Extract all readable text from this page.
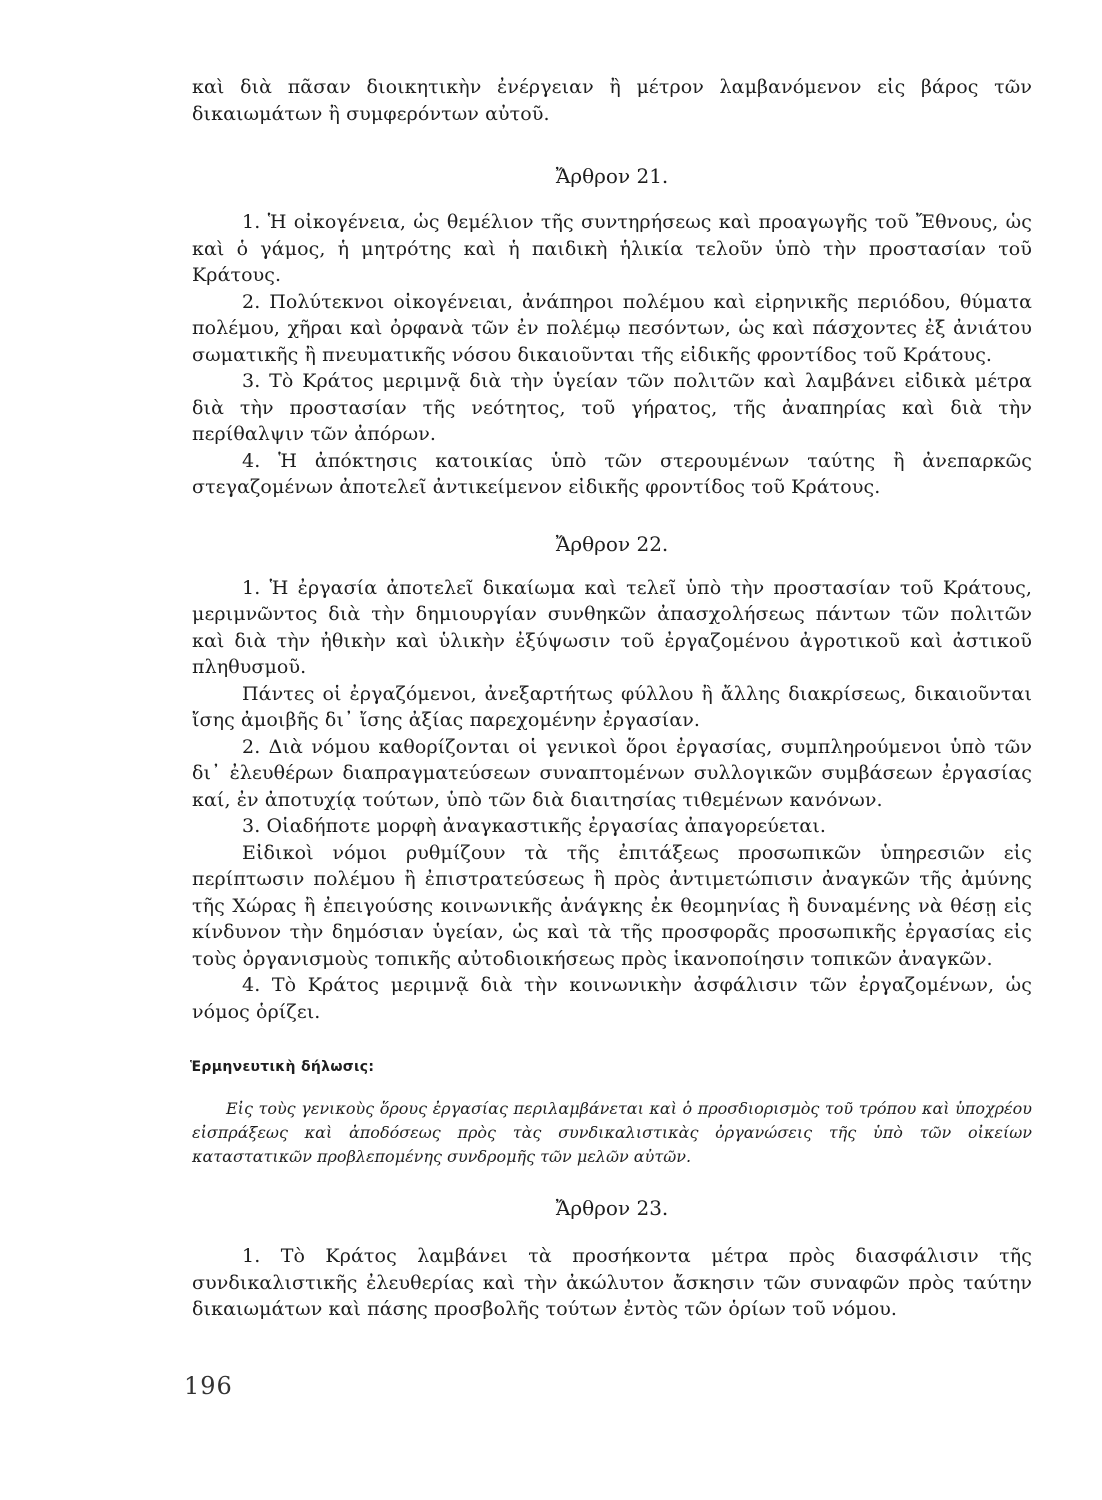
καὶ διὰ πᾶσαν διοικητικὴν ἐνέργειαν ἢ μέτρον λαμβανόμενον εἰς βάρος τῶν δικαιωμάτων ἢ συμφερόντων αὐτοῦ.

Ἄρθρον 21.

1. Ἡ οἰκογένεια, ὡς θεμέλιον τῆς συντηρήσεως καὶ προαγωγῆς τοῦ Ἔθνους, ὡς καὶ ὁ γάμος, ἡ μητρότης καὶ ἡ παιδικὴ ἡλικία τελοῦν ὑπὸ τὴν προστασίαν τοῦ Κράτους.

2. Πολύτεκνοι οἰκογένειαι, ἀνάπηροι πολέμου καὶ εἰρηνικῆς περιόδου, θύματα πολέμου, χῆραι καὶ ὀρφανὰ τῶν ἐν πολέμῳ πεσόντων, ὡς καὶ πάσχοντες ἐξ ἀνιάτου σωματικῆς ἢ πνευματικῆς νόσου δικαιοῦνται τῆς εἰδικῆς φροντίδος τοῦ Κράτους.

3. Τὸ Κράτος μεριμνᾷ διὰ τὴν ὑγείαν τῶν πολιτῶν καὶ λαμβάνει εἰδικὰ μέτρα διὰ τὴν προστασίαν τῆς νεότητος, τοῦ γήρατος, τῆς ἀναπηρίας καὶ διὰ τὴν περίθαλψιν τῶν ἀπόρων.

4. Ἡ ἀπόκτησις κατοικίας ὑπὸ τῶν στερουμένων ταύτης ἢ ἀνεπαρκῶς στεγαζομένων ἀποτελεῖ ἀντικείμενον εἰδικῆς φροντίδος τοῦ Κράτους.

Ἄρθρον 22.

1. Ἡ ἐργασία ἀποτελεῖ δικαίωμα καὶ τελεῖ ὑπὸ τὴν προστασίαν τοῦ Κράτους, μεριμνῶντος διὰ τὴν δημιουργίαν συνθηκῶν ἀπασχολήσεως πάντων τῶν πολιτῶν καὶ διὰ τὴν ἠθικὴν καὶ ὑλικὴν ἐξύψωσιν τοῦ ἐργαζομένου ἀγροτικοῦ καὶ ἀστικοῦ πληθυσμοῦ.

Πάντες οἱ ἐργαζόμενοι, ἀνεξαρτήτως φύλλου ἢ ἄλλης διακρίσεως, δικαιοῦνται ἴσης ἀμοιβῆς δι᾿ ἴσης ἀξίας παρεχομένην ἐργασίαν.

2. Διὰ νόμου καθορίζονται οἱ γενικοὶ ὅροι ἐργασίας, συμπληρούμενοι ὑπὸ τῶν δι᾿ ἐλευθέρων διαπραγματεύσεων συναπτομένων συλλογικῶν συμβάσεων ἐργασίας καί, ἐν ἀποτυχίᾳ τούτων, ὑπὸ τῶν διὰ διαιτησίας τιθεμένων κανόνων.

3. Οἱαδήποτε μορφὴ ἀναγκαστικῆς ἐργασίας ἀπαγορεύεται.

Εἰδικοὶ νόμοι ρυθμίζουν τὰ τῆς ἐπιτάξεως προσωπικῶν ὑπηρεσιῶν εἰς περίπτωσιν πολέμου ἢ ἐπιστρατεύσεως ἢ πρὸς ἀντιμετώπισιν ἀναγκῶν τῆς ἀμύνης τῆς Χώρας ἢ ἐπειγούσης κοινωνικῆς ἀνάγκης ἐκ θεομηνίας ἢ δυναμένης νὰ θέσῃ εἰς κίνδυνον τὴν δημόσιαν ὑγείαν, ὡς καὶ τὰ τῆς προσφορᾶς προσωπικῆς ἐργασίας εἰς τοὺς ὀργανισμοὺς τοπικῆς αὐτοδιοικήσεως πρὸς ἱκανοποίησιν τοπικῶν ἀναγκῶν.

4. Τὸ Κράτος μεριμνᾷ διὰ τὴν κοινωνικὴν ἀσφάλισιν τῶν ἐργαζομένων, ὡς νόμος ὁρίζει.

Ἑρμηνευτικὴ δήλωσις:

Εἰς τοὺς γενικοὺς ὅρους ἐργασίας περιλαμβάνεται καὶ ὁ προσδιορισμὸς τοῦ τρόπου καὶ ὑποχρέου εἰσπράξεως καὶ ἀποδόσεως πρὸς τὰς συνδικαλιστικὰς ὀργανώσεις τῆς ὑπὸ τῶν οἰκείων καταστατικῶν προβλεπομένης συνδρομῆς τῶν μελῶν αὐτῶν.

Ἄρθρον 23.

1. Τὸ Κράτος λαμβάνει τὰ προσήκοντα μέτρα πρὸς διασφάλισιν τῆς συνδικαλιστικῆς ἐλευθερίας καὶ τὴν ἀκώλυτον ἄσκησιν τῶν συναφῶν πρὸς ταύτην δικαιωμάτων καὶ πάσης προσβολῆς τούτων ἐντὸς τῶν ὁρίων τοῦ νόμου.

196
